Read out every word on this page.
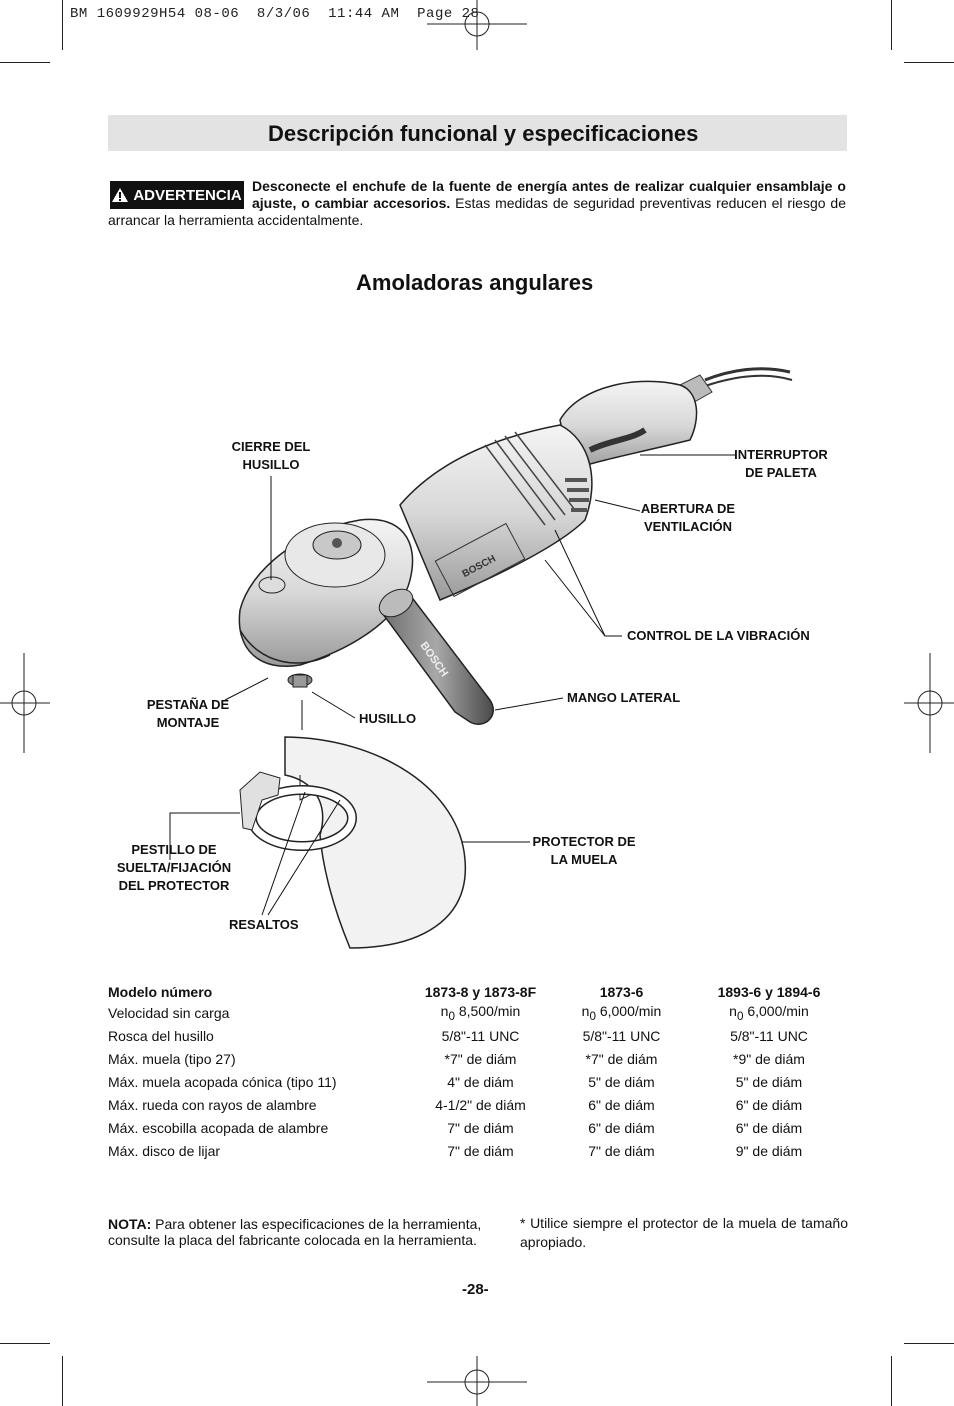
BM 1609929H54 08-06  8/3/06  11:44 AM  Page 28
Descripción funcional y especificaciones
ADVERTENCIA
Desconecte el enchufe de la fuente de energía antes de realizar cualquier ensamblaje o ajuste, o cambiar accesorios. Estas medidas de seguridad preventivas reducen el riesgo de arrancar la herramienta accidentalmente.
Amoladoras angulares
BOSCH
BOSCH
CIERRE DEL
HUSILLO
INTERRUPTOR
DE PALETA
ABERTURA DE
VENTILACIÓN
CONTROL DE LA VIBRACIÓN
MANGO LATERAL
PESTAÑA DE
MONTAJE	HUSILLO
PROTECTOR DE
LA MUELA
PESTILLO DE
SUELTA/FIJACIÓN
DEL PROTECTOR
RESALTOS
Modelo número	1873-8 y 1873-8F	1873-6	1893-6 y 1894-6
Velocidad sin carga	$n_0$ 8,500/min	$n_0$ 6,000/min	$n_0$ 6,000/min
Rosca del husillo	5/8"-11 UNC	5/8"-11 UNC	5/8"-11 UNC
Máx. muela (tipo 27)	*7" de diám	*7" de diám	*9" de diám
Máx. muela acopada cónica (tipo 11)	4" de diám	5" de diám	5" de diám
Máx. rueda con rayos de alambre	4-1/2" de diám	6" de diám	6" de diám
Máx. escobilla acopada de alambre	7" de diám	6" de diám	6" de diám
Máx. disco de lijar	7" de diám	7" de diám	9" de diám
NOTA: Para obtener las especificaciones de la herramienta, consulte la placa del fabricante colocada en la herramienta.
* Utilice siempre el protector de la muela de tamaño apropiado.
-28-
